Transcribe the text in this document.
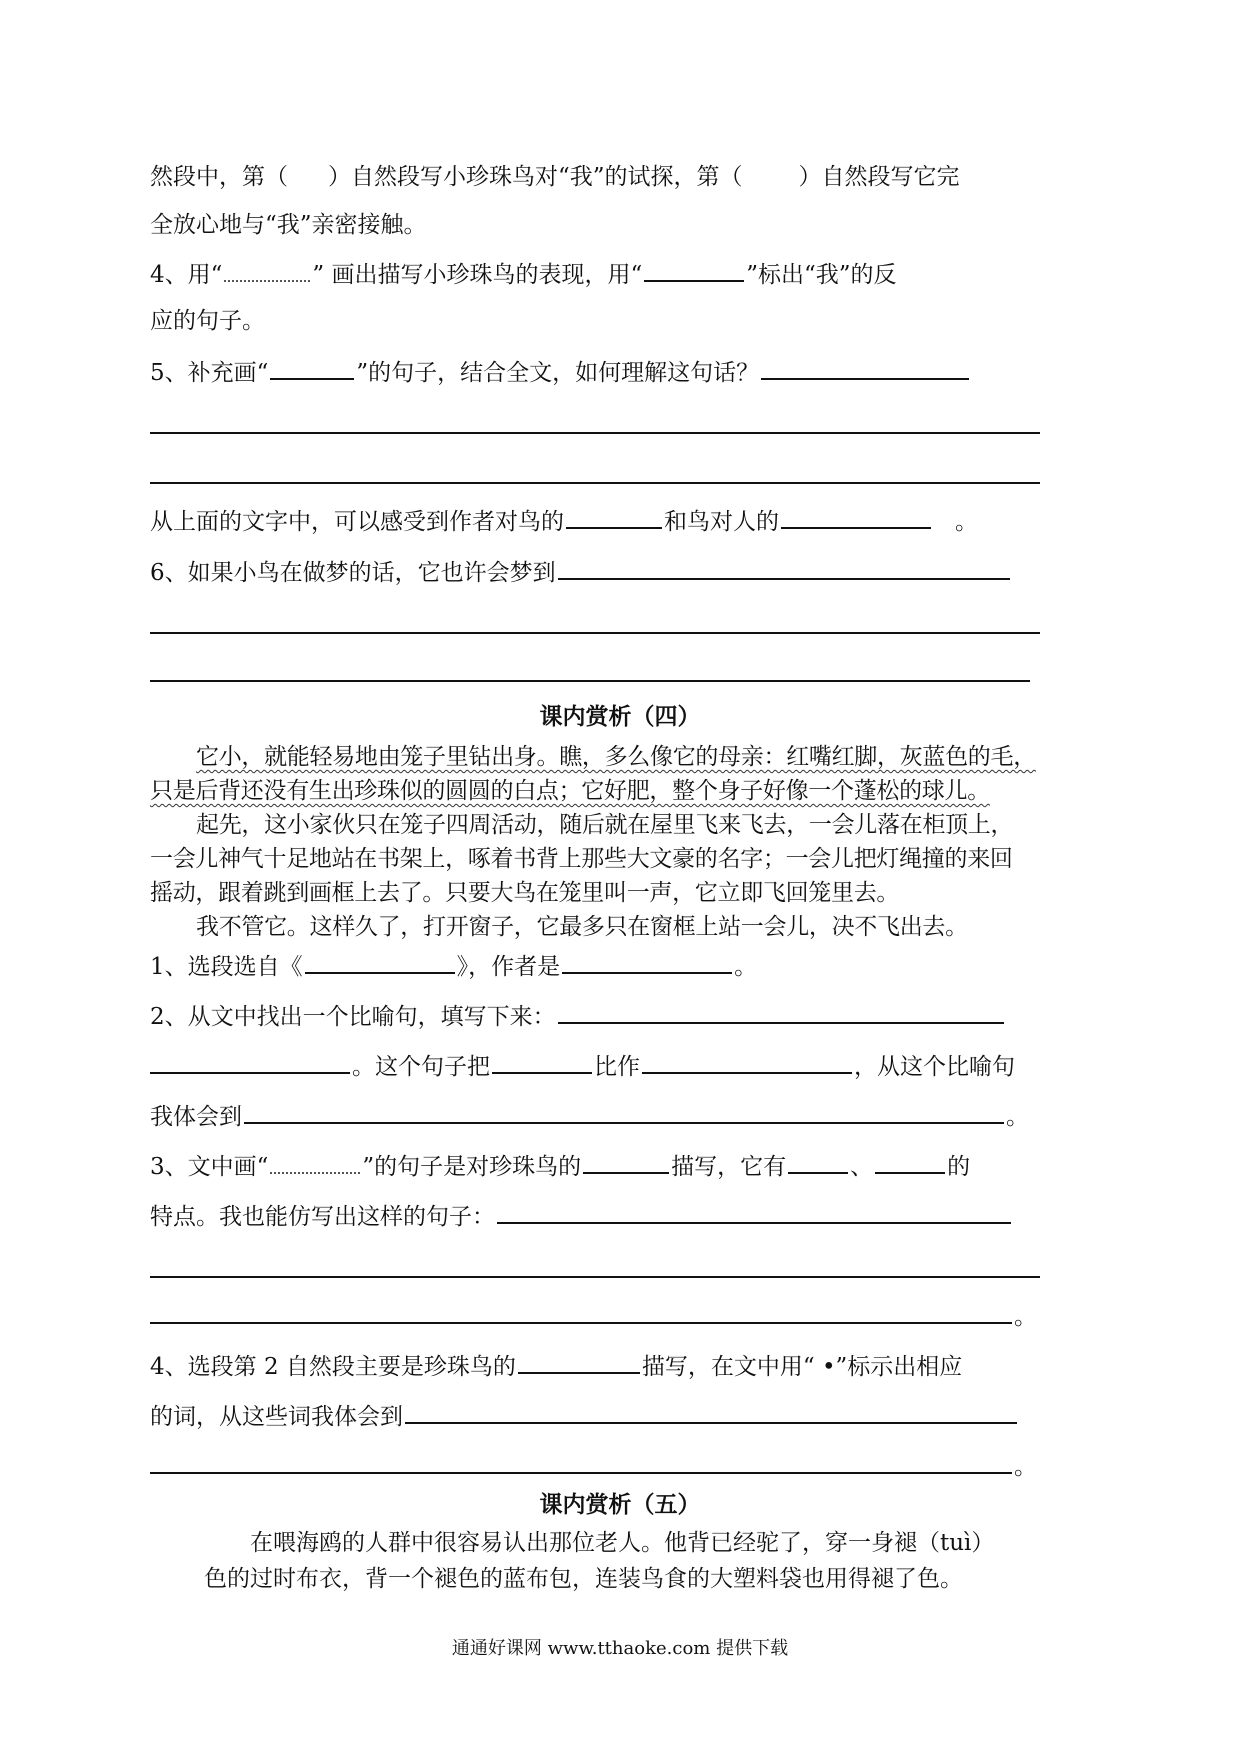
然段中，第（ ）自然段写小珍珠鸟对“我”的试探，第（ ）自然段写它完
全放心地与“我”亲密接触。
4、用“	” 画出描写小珍珠鸟的表现，用“	”标出“我”的反
应的句子。
5、补充画“	”的句子，结合全文，如何理解这句话？
从上面的文字中，可以感受到作者对鸟的	和鸟对人的	。
6、如果小鸟在做梦的话，它也许会梦到
课内赏析（四）
它小，就能轻易地由笼子里钻出身。瞧，多么像它的母亲：红嘴红脚，灰蓝色的毛，
只是后背还没有生出珍珠似的圆圆的白点；它好肥，整个身子好像一个蓬松的球儿。
起先，这小家伙只在笼子四周活动，随后就在屋里飞来飞去，一会儿落在柜顶上，
一会儿神气十足地站在书架上，啄着书背上那些大文豪的名字；一会儿把灯绳撞的来回
摇动，跟着跳到画框上去了。只要大鸟在笼里叫一声，它立即飞回笼里去。
我不管它。这样久了，打开窗子，它最多只在窗框上站一会儿，决不飞出去。
1、选段选自《	》，作者是	。
2、从文中找出一个比喻句，填写下来：
。这个句子把	比作	，从这个比喻句
我体会到	。
3、文中画“	”的句子是对珍珠鸟的	描写，它有	、	的
特点。我也能仿写出这样的句子：
。
4、选段第 2 自然段主要是珍珠鸟的	描写，在文中用“ •”标示出相应
的词，从这些词我体会到
。
课内赏析（五）
在喂海鸥的人群中很容易认出那位老人。他背已经驼了，穿一身褪（tuì）
色的过时布衣，背一个褪色的蓝布包，连装鸟食的大塑料袋也用得褪了色。
通通好课网 www.tthaoke.com 提供下载
